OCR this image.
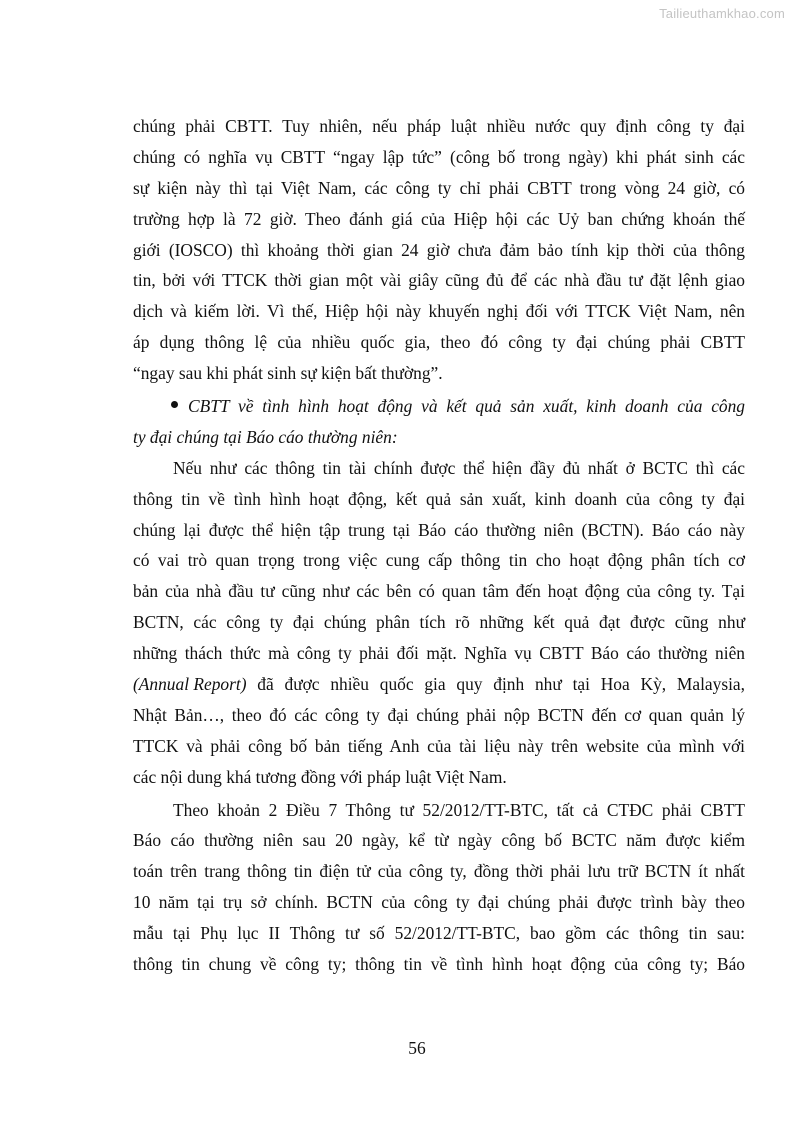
Tailieuthamkhao.com
chúng phải CBTT. Tuy nhiên, nếu pháp luật nhiều nước quy định công ty đại
chúng có nghĩa vụ CBTT “ngay lập tức” (công bố trong ngày) khi phát sinh các
sự kiện này thì tại Việt Nam, các công ty chỉ phải CBTT trong vòng 24 giờ, có
trường hợp là 72 giờ. Theo đánh giá của Hiệp hội các Uỷ ban chứng khoán thế
giới (IOSCO) thì khoảng thời gian 24 giờ chưa đảm bảo tính kịp thời của thông
tin, bởi với TTCK thời gian một vài giây cũng đủ để các nhà đầu tư đặt lệnh giao
dịch và kiếm lời. Vì thế, Hiệp hội này khuyến nghị đối với TTCK Việt Nam, nên
áp dụng thông lệ của nhiều quốc gia, theo đó công ty đại chúng phải CBTT
“ngay sau khi phát sinh sự kiện bất thường”.
CBTT về tình hình hoạt động và kết quả sản xuất, kinh doanh của công
ty đại chúng tại Báo cáo thường niên:
Nếu như các thông tin tài chính được thể hiện đầy đủ nhất ở BCTC thì các
thông tin về tình hình hoạt động, kết quả sản xuất, kinh doanh của công ty đại
chúng lại được thể hiện tập trung tại Báo cáo thường niên (BCTN). Báo cáo này
có vai trò quan trọng trong việc cung cấp thông tin cho hoạt động phân tích cơ
bản của nhà đầu tư cũng như các bên có quan tâm đến hoạt động của công ty. Tại
BCTN, các công ty đại chúng phân tích rõ những kết quả đạt được cũng như
những thách thức mà công ty phải đối mặt. Nghĩa vụ CBTT Báo cáo thường niên
(Annual Report) đã được nhiều quốc gia quy định như tại Hoa Kỳ, Malaysia,
Nhật Bản…, theo đó các công ty đại chúng phải nộp BCTN đến cơ quan quản lý
TTCK và phải công bố bản tiếng Anh của tài liệu này trên website của mình với
các nội dung khá tương đồng với pháp luật Việt Nam.
Theo khoản 2 Điều 7 Thông tư 52/2012/TT-BTC, tất cả CTĐC phải CBTT
Báo cáo thường niên sau 20 ngày, kể từ ngày công bố BCTC năm được kiểm
toán trên trang thông tin điện tử của công ty, đồng thời phải lưu trữ BCTN ít nhất
10 năm tại trụ sở chính. BCTN của công ty đại chúng phải được trình bày theo
mẫu tại Phụ lục II Thông tư số 52/2012/TT-BTC, bao gồm các thông tin sau:
thông tin chung về công ty; thông tin về tình hình hoạt động của công ty; Báo
56
